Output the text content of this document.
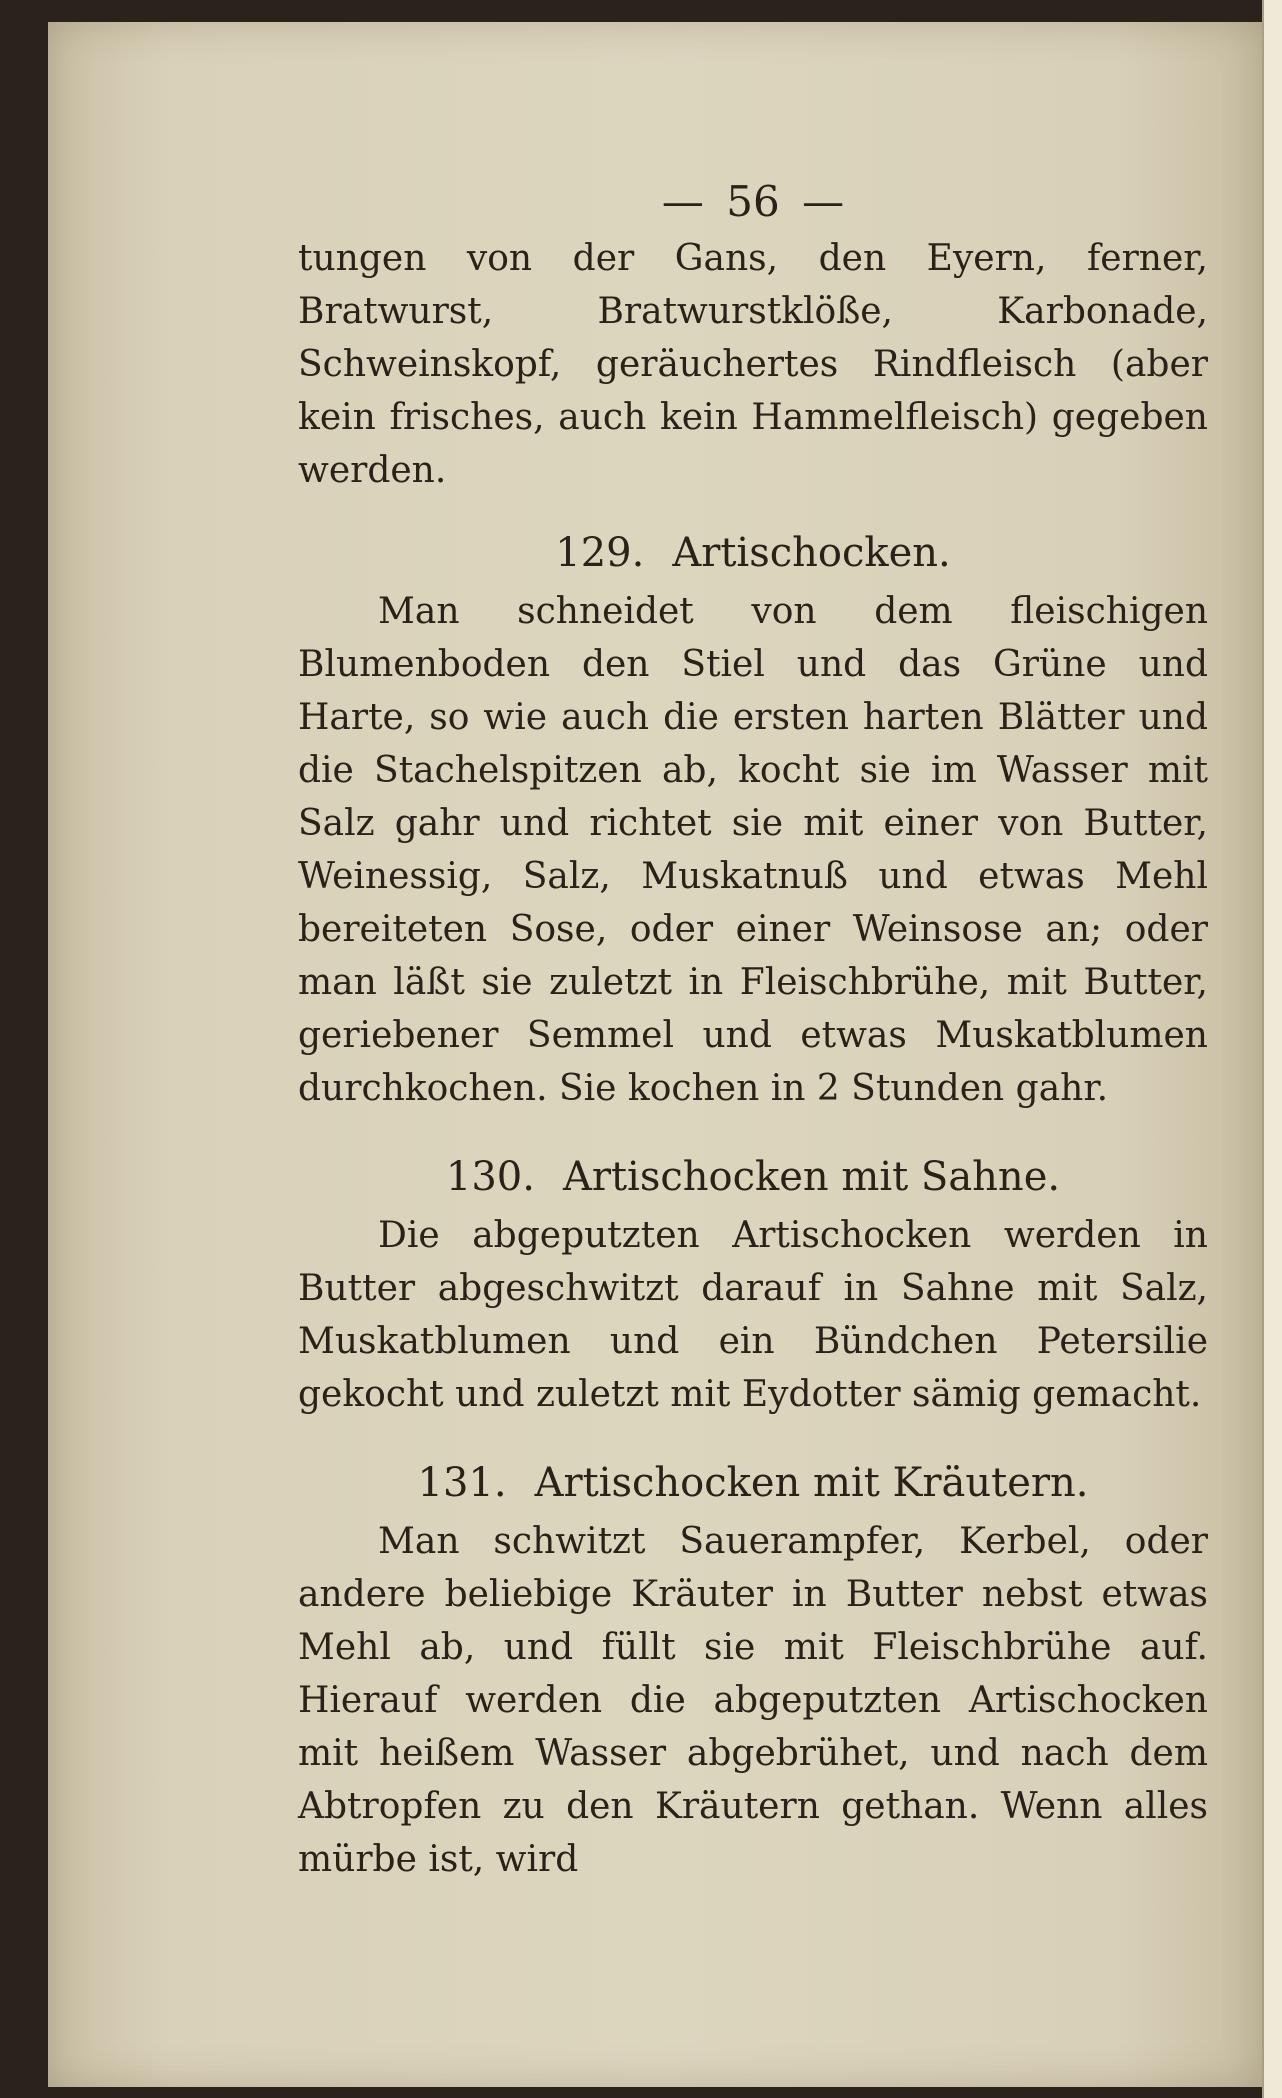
— 56 —

tungen von der Gans, den Eyern, ferner, Bratwurst, Bratwurstklöße, Karbonade, Schweinskopf, geräuchertes Rindfleisch (aber kein frisches, auch kein Hammelfleisch) gegeben werden.

129. Artischocken.

Man schneidet von dem fleischigen Blumenboden den Stiel und das Grüne und Harte, so wie auch die ersten harten Blätter und die Stachelspitzen ab, kocht sie im Wasser mit Salz gahr und richtet sie mit einer von Butter, Weinessig, Salz, Muskatnuß und etwas Mehl bereiteten Sose, oder einer Weinsose an; oder man läßt sie zuletzt in Fleischbrühe, mit Butter, geriebener Semmel und etwas Muskatblumen durchkochen. Sie kochen in 2 Stunden gahr.

130. Artischocken mit Sahne.

Die abgeputzten Artischocken werden in Butter abgeschwitzt darauf in Sahne mit Salz, Muskatblumen und ein Bündchen Petersilie gekocht und zuletzt mit Eydotter sämig gemacht.

131. Artischocken mit Kräutern.

Man schwitzt Sauerampfer, Kerbel, oder andere beliebige Kräuter in Butter nebst etwas Mehl ab, und füllt sie mit Fleischbrühe auf. Hierauf werden die abgeputzten Artischocken mit heißem Wasser abgebrühet, und nach dem Abtropfen zu den Kräutern gethan. Wenn alles mürbe ist, wird
